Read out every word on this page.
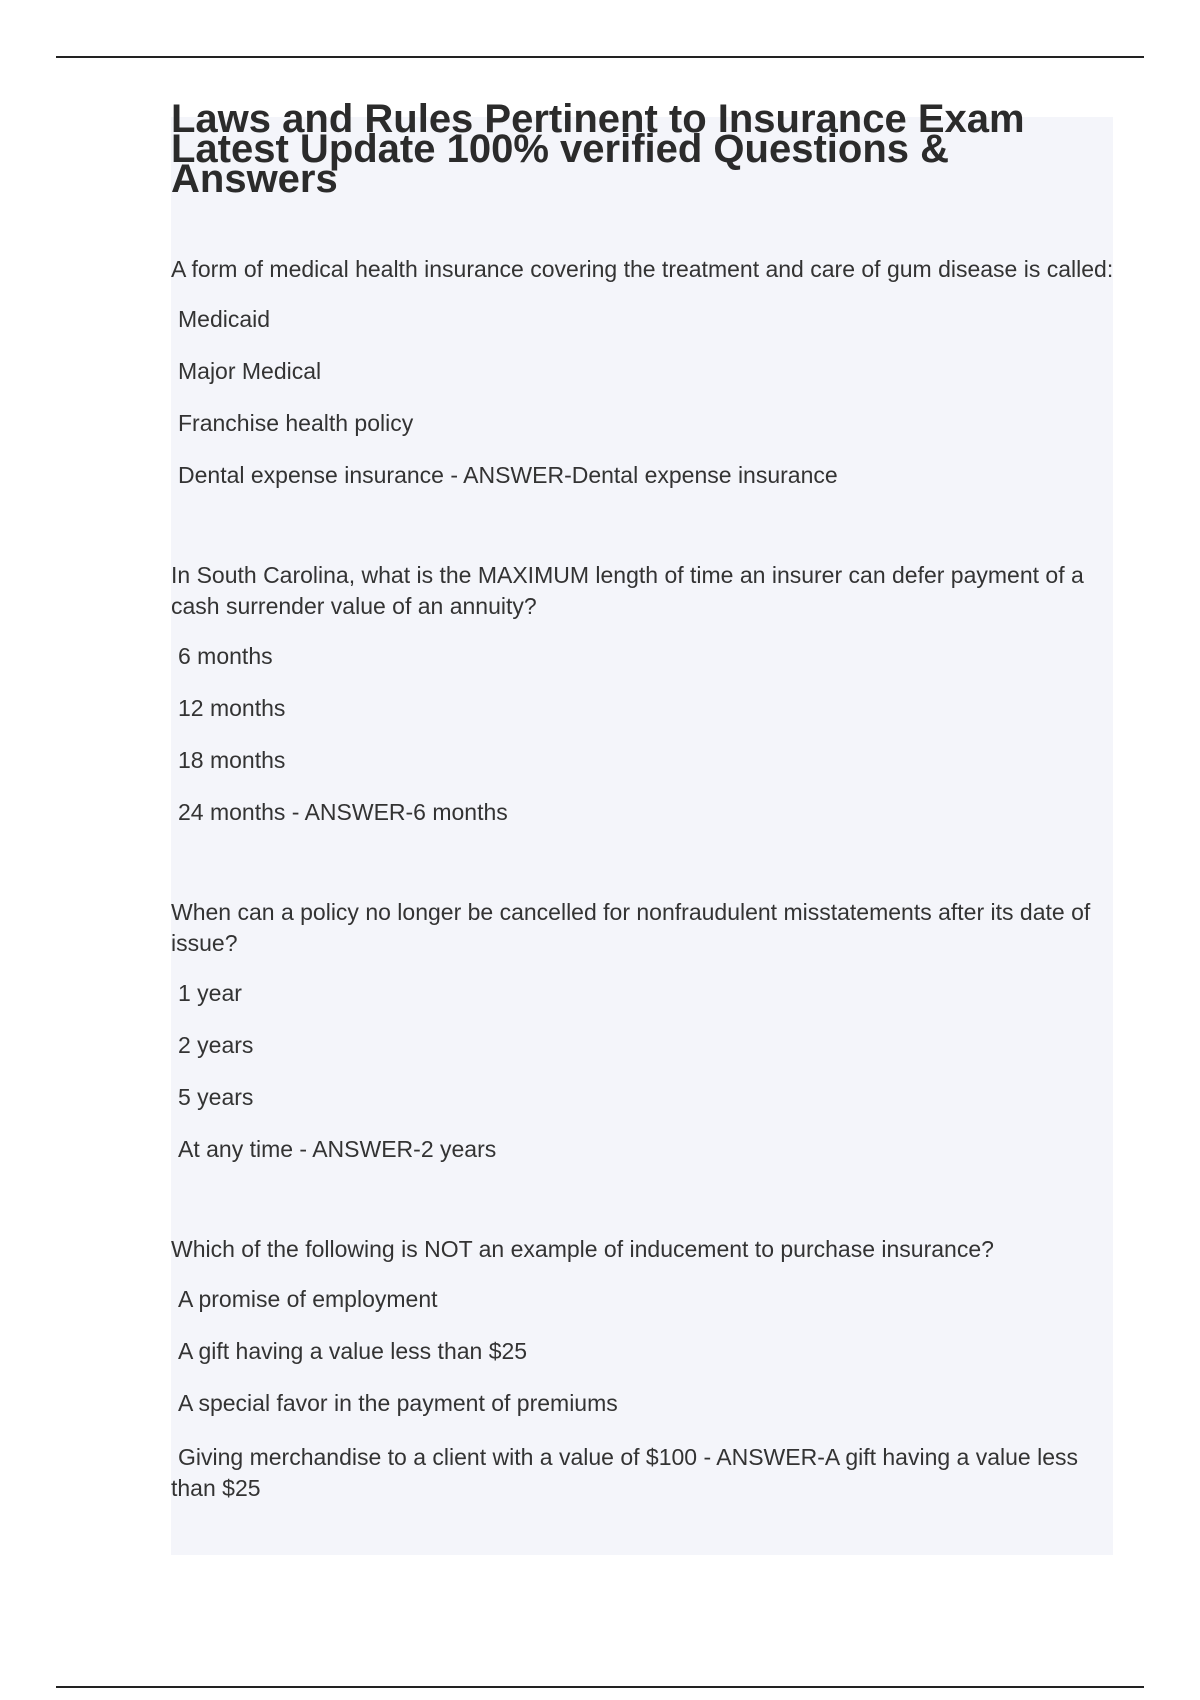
Laws and Rules Pertinent to Insurance Exam Latest Update 100% verified Questions & Answers

A form of medical health insurance covering the treatment and care of gum disease is called:

Medicaid

Major Medical

Franchise health policy

Dental expense insurance - ANSWER-Dental expense insurance

In South Carolina, what is the MAXIMUM length of time an insurer can defer payment of a cash surrender value of an annuity?

6 months

12 months

18 months

24 months - ANSWER-6 months

When can a policy no longer be cancelled for nonfraudulent misstatements after its date of issue?

1 year

2 years

5 years

At any time - ANSWER-2 years

Which of the following is NOT an example of inducement to purchase insurance?

A promise of employment

A gift having a value less than $25

A special favor in the payment of premiums

Giving merchandise to a client with a value of $100 - ANSWER-A gift having a value less than $25
